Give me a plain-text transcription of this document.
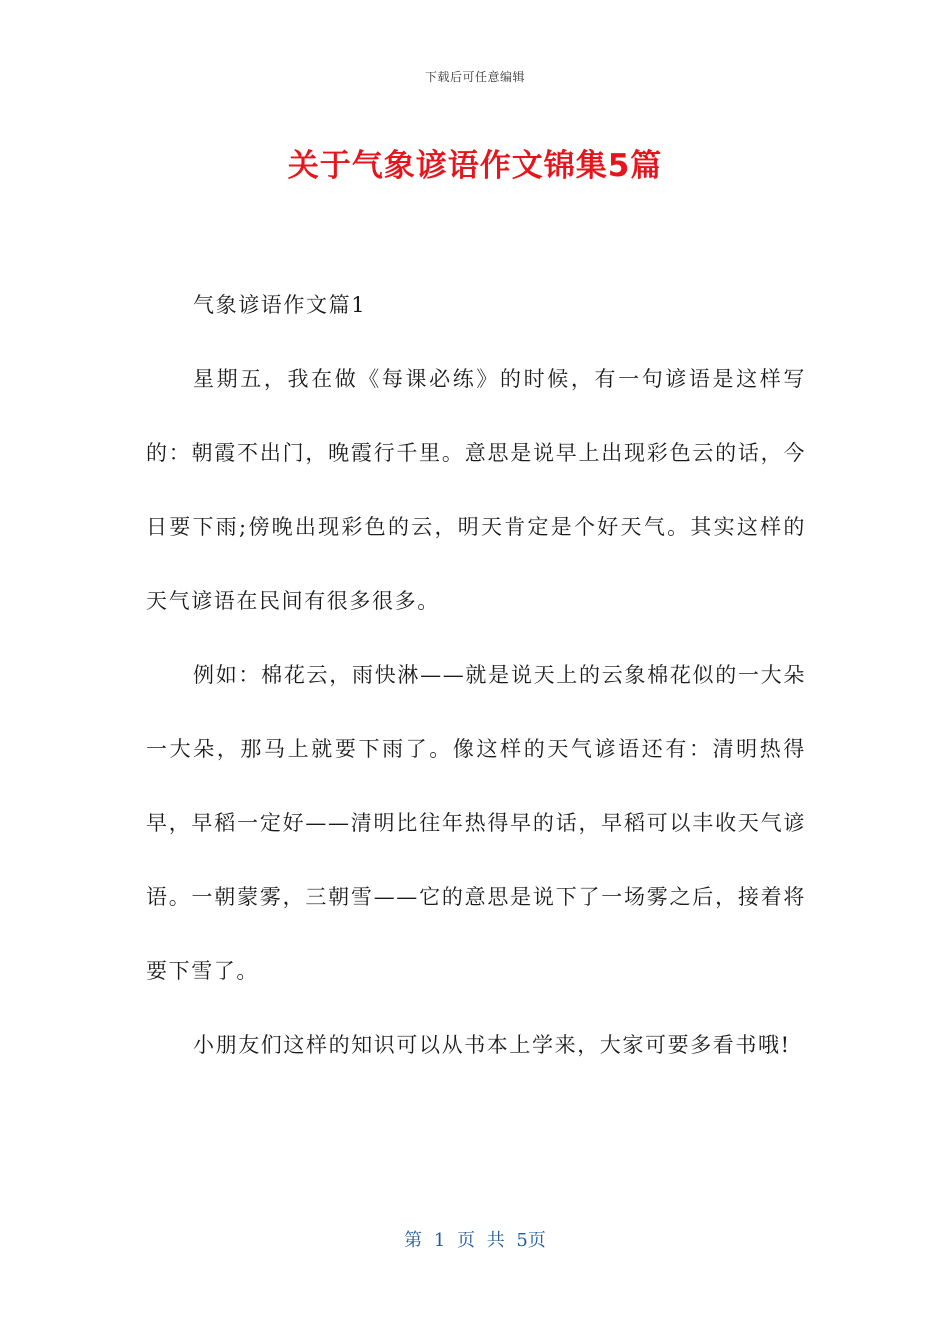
下载后可任意编辑
关于气象谚语作文锦集5篇

气象谚语作文篇1

星期五，我在做《每课必练》的时候，有一句谚语是这样写的：朝霞不出门，晚霞行千里。意思是说早上出现彩色云的话，今日要下雨;傍晚出现彩色的云，明天肯定是个好天气。其实这样的天气谚语在民间有很多很多。

例如：棉花云，雨快淋——就是说天上的云象棉花似的一大朵一大朵，那马上就要下雨了。像这样的天气谚语还有：清明热得早，早稻一定好——清明比往年热得早的话，早稻可以丰收天气谚语。一朝蒙雾，三朝雪——它的意思是说下了一场雾之后，接着将要下雪了。

小朋友们这样的知识可以从书本上学来，大家可要多看书哦!

第 1 页 共 5页
